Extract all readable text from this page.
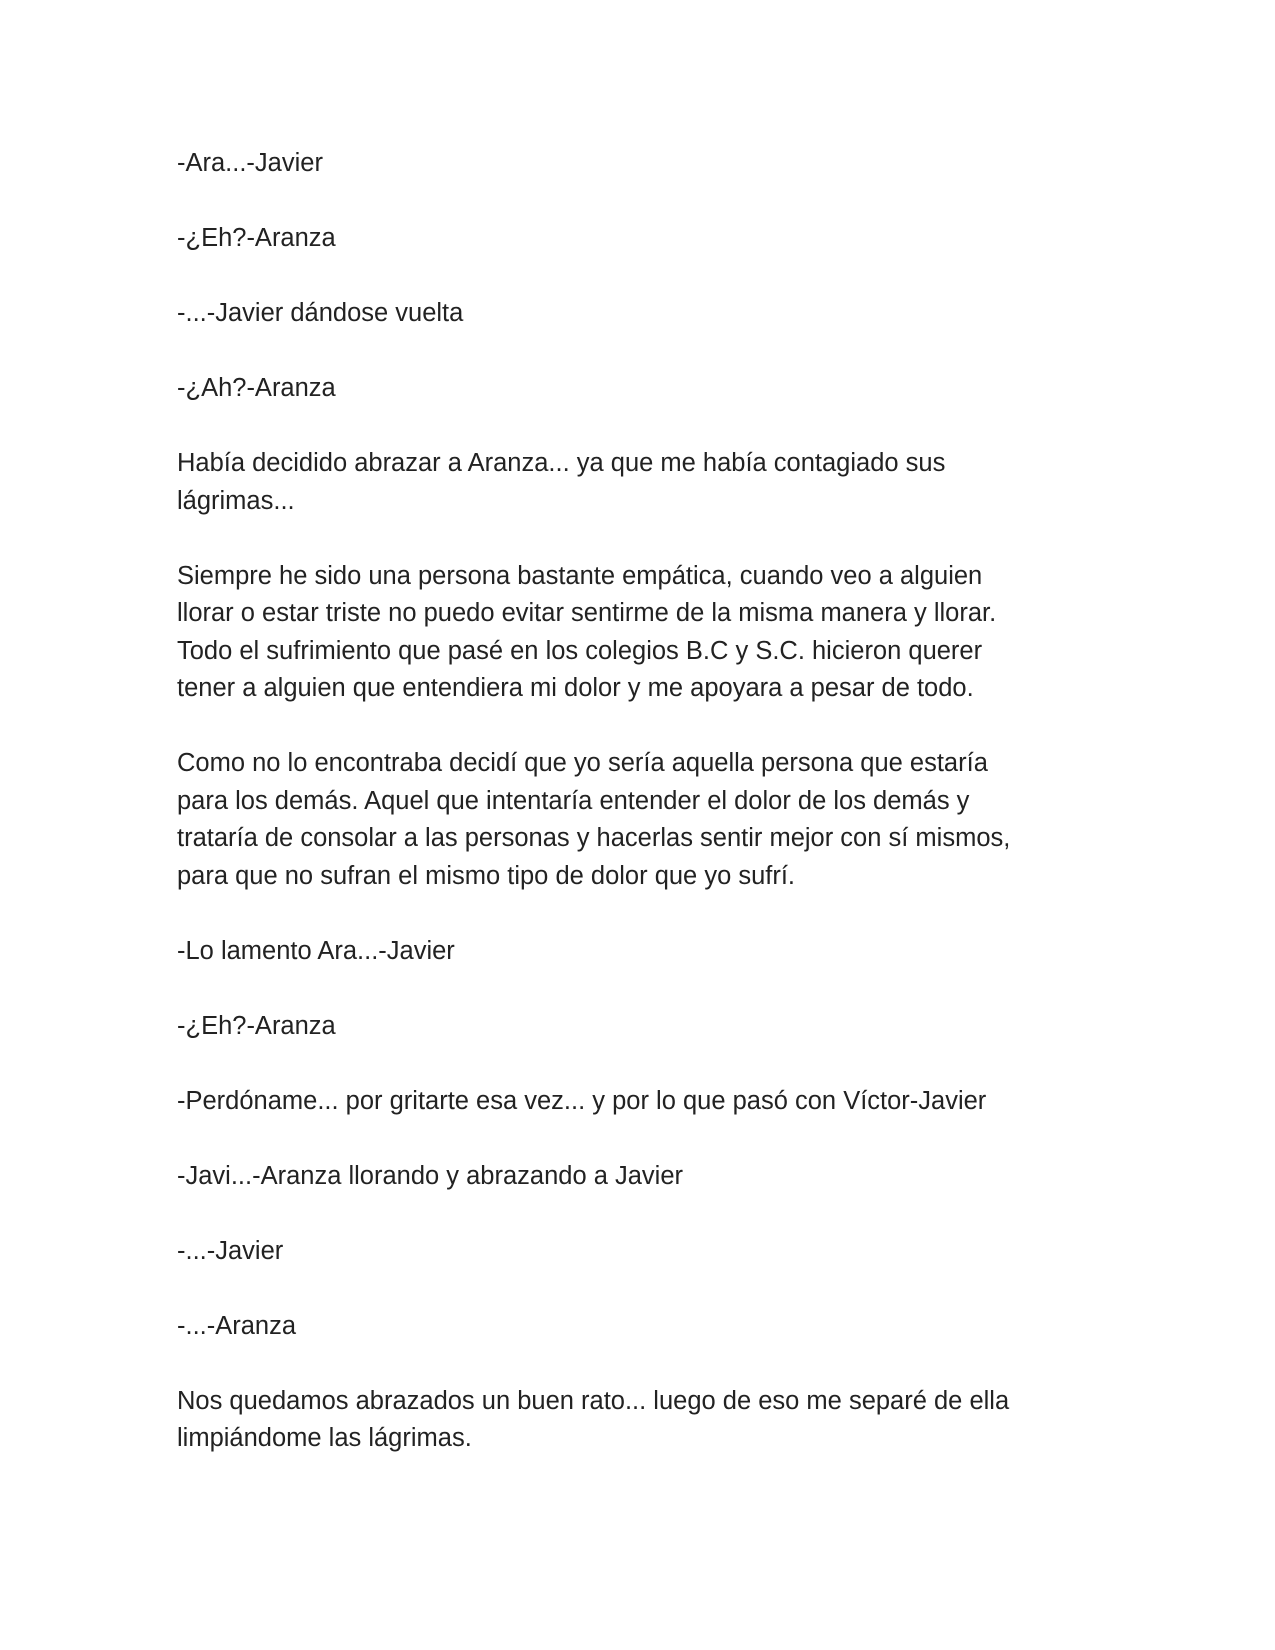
-Ara...-Javier

-¿Eh?-Aranza

-...-Javier dándose vuelta

-¿Ah?-Aranza

Había decidido abrazar a Aranza... ya que me había contagiado sus
lágrimas...

Siempre he sido una persona bastante empática, cuando veo a alguien
llorar o estar triste no puedo evitar sentirme de la misma manera y llorar.
Todo el sufrimiento que pasé en los colegios B.C y S.C. hicieron querer
tener a alguien que entendiera mi dolor y me apoyara a pesar de todo.

Como no lo encontraba decidí que yo sería aquella persona que estaría
para los demás. Aquel que intentaría entender el dolor de los demás y
trataría de consolar a las personas y hacerlas sentir mejor con sí mismos,
para que no sufran el mismo tipo de dolor que yo sufrí.

-Lo lamento Ara...-Javier

-¿Eh?-Aranza

-Perdóname... por gritarte esa vez... y por lo que pasó con Víctor-Javier

-Javi...-Aranza llorando y abrazando a Javier

-...-Javier

-...-Aranza

Nos quedamos abrazados un buen rato... luego de eso me separé de ella
limpiándome las lágrimas.
